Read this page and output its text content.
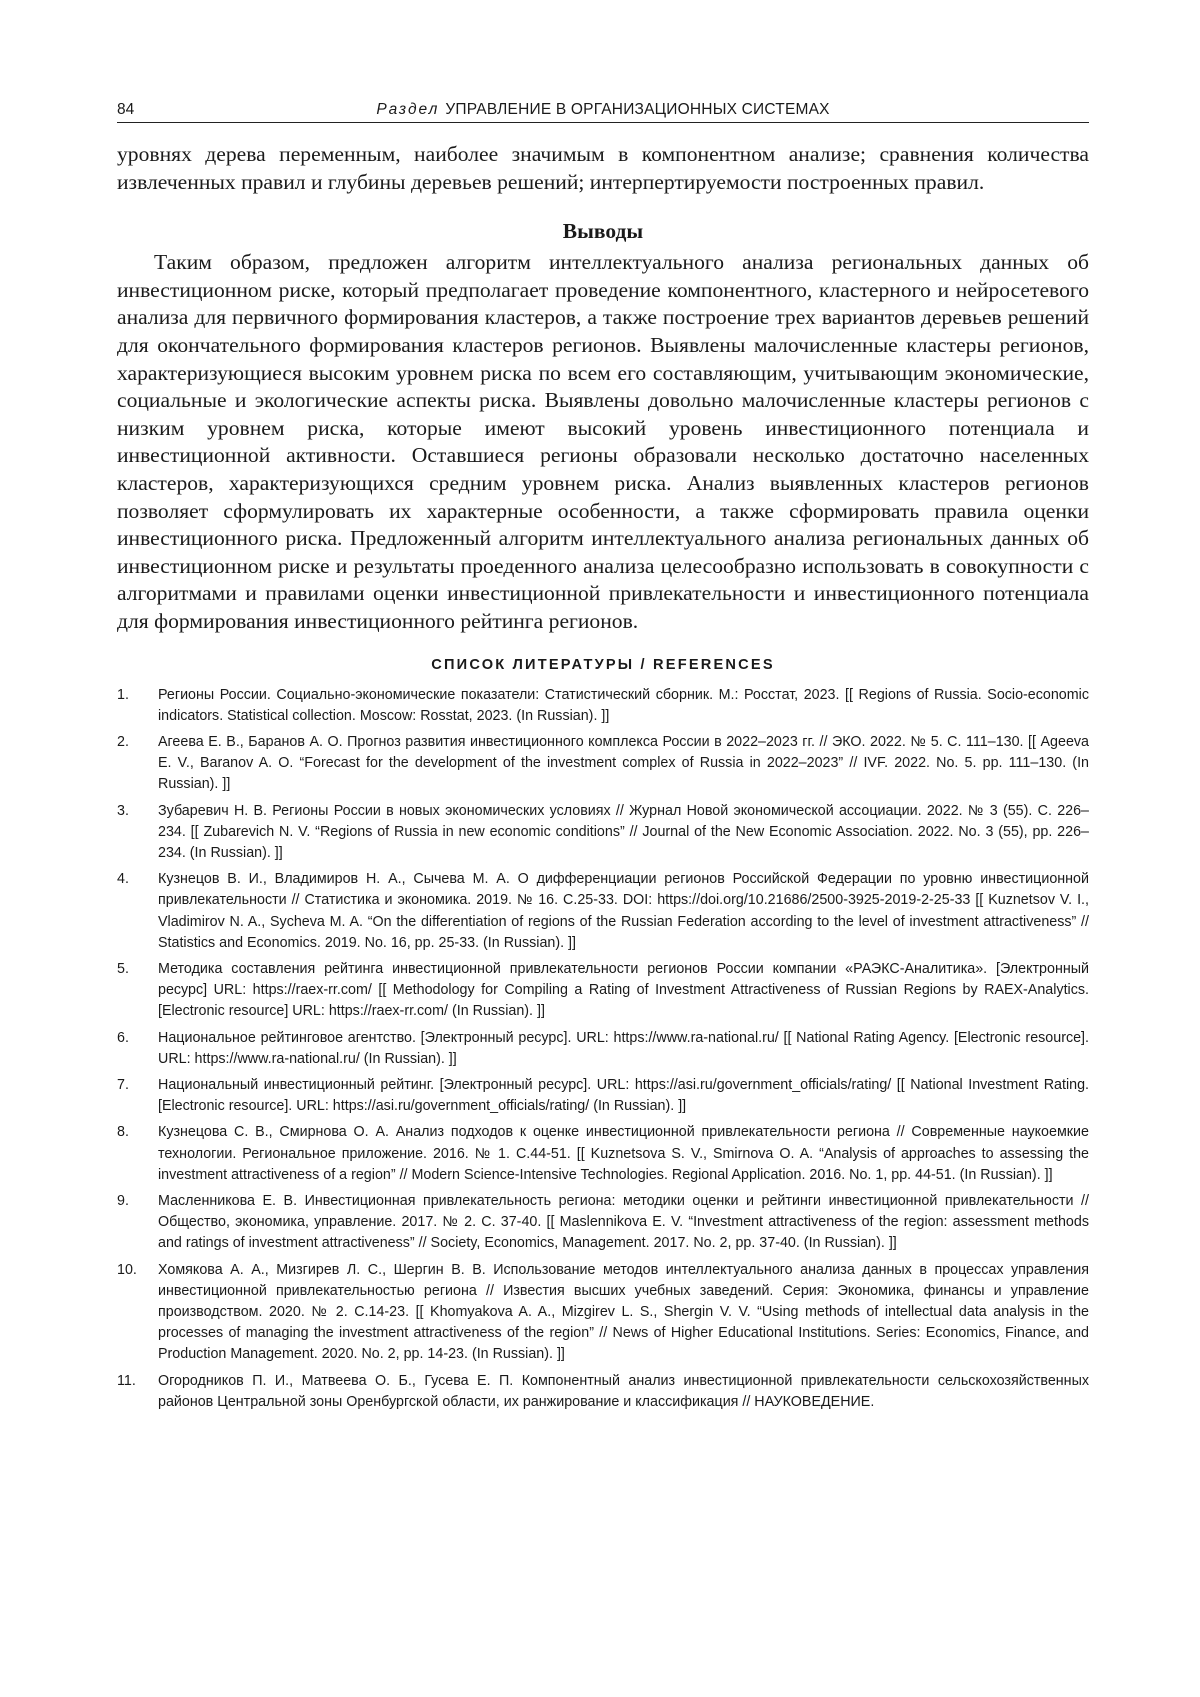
84	Раздел УПРАВЛЕНИЕ В ОРГАНИЗАЦИОННЫХ СИСТЕМАХ

уровнях дерева переменным, наиболее значимым в компонентном анализе; сравнения количества извлеченных правил и глубины деревьев решений; интерпертируемости построенных правил.

Выводы

Таким образом, предложен алгоритм интеллектуального анализа региональных данных об инвестиционном риске, который предполагает проведение компонентного, кластерного и нейросетевого анализа для первичного формирования кластеров, а также построение трех вариантов деревьев решений для окончательного формирования кластеров регионов. Выявлены малочисленные кластеры регионов, характеризующиеся высоким уровнем риска по всем его составляющим, учитывающим экономические, социальные и экологические аспекты риска. Выявлены довольно малочисленные кластеры регионов с низким уровнем риска, которые имеют высокий уровень инвестиционного потенциала и инвестиционной активности. Оставшиеся регионы образовали несколько достаточно населенных кластеров, характеризующихся средним уровнем риска. Анализ выявленных кластеров регионов позволяет сформулировать их характерные особенности, а также сформировать правила оценки инвестиционного риска. Предложенный алгоритм интеллектуального анализа региональных данных об инвестиционном риске и результаты проеденного анализа целесообразно использовать в совокупности с алгоритмами и правилами оценки инвестиционной привлекательности и инвестиционного потенциала для формирования инвестиционного рейтинга регионов.

СПИСОК ЛИТЕРАТУРЫ / REFERENCES
1. Регионы России. Социально-экономические показатели: Статистический сборник. М.: Росстат, 2023. [[ Regions of Russia. Socio-economic indicators. Statistical collection. Moscow: Rosstat, 2023. (In Russian). ]]
2. Агеева Е. В., Баранов А. О. Прогноз развития инвестиционного комплекса России в 2022–2023 гг. // ЭКО. 2022. № 5. С. 111–130. [[ Ageeva E. V., Baranov A. O. “Forecast for the development of the investment complex of Russia in 2022–2023” // IVF. 2022. No. 5. pp. 111–130. (In Russian). ]]
3. Зубаревич Н. В. Регионы России в новых экономических условиях // Журнал Новой экономической ассоциации. 2022. № 3 (55). С. 226–234. [[ Zubarevich N. V. “Regions of Russia in new economic conditions” // Journal of the New Economic Association. 2022. No. 3 (55), pp. 226–234. (In Russian). ]]
4. Кузнецов В. И., Владимиров Н. А., Сычева М. А. О дифференциации регионов Российской Федерации по уровню инвестиционной привлекательности // Статистика и экономика. 2019. № 16. С.25-33. DOI: https://doi.org/10.21686/2500-3925-2019-2-25-33 [[ Kuznetsov V. I., Vladimirov N. A., Sycheva M. A. “On the differentiation of regions of the Russian Federation according to the level of investment attractiveness” // Statistics and Economics. 2019. No. 16, pp. 25-33. (In Russian). ]]
5. Методика составления рейтинга инвестиционной привлекательности регионов России компании «РАЭКС-Аналитика». [Электронный ресурс] URL: https://raex-rr.com/ [[ Methodology for Compiling a Rating of Investment Attractiveness of Russian Regions by RAEX-Analytics. [Electronic resource] URL: https://raex-rr.com/ (In Russian). ]]
6. Национальное рейтинговое агентство. [Электронный ресурс]. URL: https://www.ra-national.ru/ [[ National Rating Agency. [Electronic resource]. URL: https://www.ra-national.ru/ (In Russian). ]]
7. Национальный инвестиционный рейтинг. [Электронный ресурс]. URL: https://asi.ru/government_officials/rating/ [[ National Investment Rating. [Electronic resource]. URL: https://asi.ru/government_officials/rating/ (In Russian). ]]
8. Кузнецова С. В., Смирнова О. А. Анализ подходов к оценке инвестиционной привлекательности региона // Современные наукоемкие технологии. Региональное приложение. 2016. № 1. С.44-51. [[ Kuznetsova S. V., Smirnova O. A. “Analysis of approaches to assessing the investment attractiveness of a region” // Modern Science-Intensive Technologies. Regional Application. 2016. No. 1, pp. 44-51. (In Russian). ]]
9. Масленникова Е. В. Инвестиционная привлекательность региона: методики оценки и рейтинги инвестиционной привлекательности // Общество, экономика, управление. 2017. № 2. С. 37-40. [[ Maslennikova E. V. “Investment attractiveness of the region: assessment methods and ratings of investment attractiveness” // Society, Economics, Management. 2017. No. 2, pp. 37-40. (In Russian). ]]
10. Хомякова А. А., Мизгирев Л. С., Шергин В. В. Использование методов интеллектуального анализа данных в процессах управления инвестиционной привлекательностью региона // Известия высших учебных заведений. Серия: Экономика, финансы и управление производством. 2020. № 2. С.14-23. [[ Khomyakova A. A., Mizgirev L. S., Shergin V. V. “Using methods of intellectual data analysis in the processes of managing the investment attractiveness of the region” // News of Higher Educational Institutions. Series: Economics, Finance, and Production Management. 2020. No. 2, pp. 14-23. (In Russian). ]]
11. Огородников П. И., Матвеева О. Б., Гусева Е. П. Компонентный анализ инвестиционной привлекательности сельскохозяйственных районов Центральной зоны Оренбургской области, их ранжирование и классификация // НАУКОВЕДЕНИЕ.
